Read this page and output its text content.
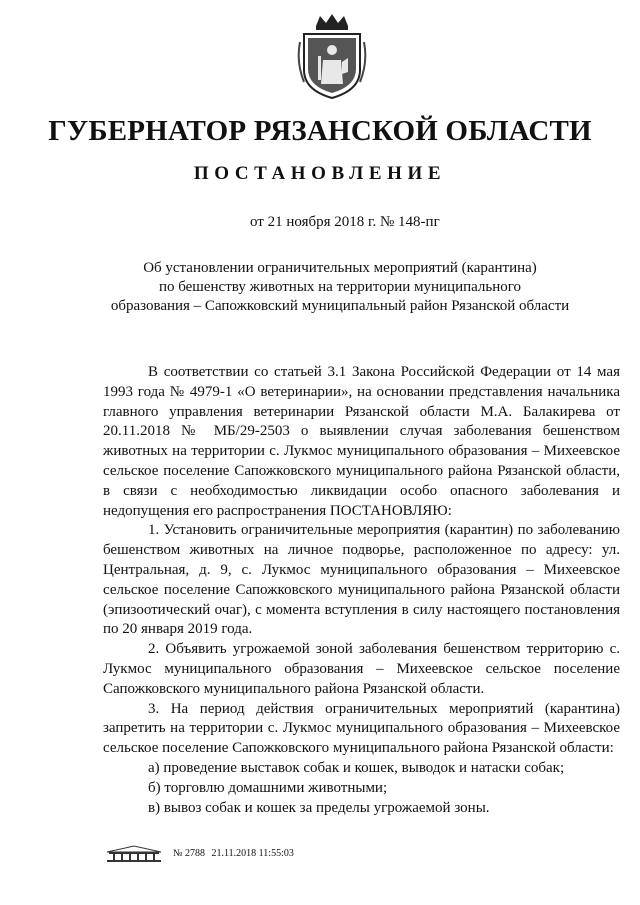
ГУБЕРНАТОР РЯЗАНСКОЙ ОБЛАСТИ
ПОСТАНОВЛЕНИЕ
от 21 ноября 2018 г. № 148-пг
Об установлении ограничительных мероприятий (карантина)
по бешенству животных на территории муниципального
образования – Сапожковский муниципальный район Рязанской области

В соответствии со статьей 3.1 Закона Российской Федерации от 14 мая 1993 года № 4979-1 «О ветеринарии», на основании представления начальника главного управления ветеринарии Рязанской области М.А. Балакирева от 20.11.2018 № МБ/29-2503 о выявлении случая заболевания бешенством животных на территории с. Лукмос муниципального образования – Михеевское сельское поселение Сапожковского муниципального района Рязанской области, в связи с необходимостью ликвидации особо опасного заболевания и недопущения его распространения ПОСТАНОВЛЯЮ:

1. Установить ограничительные мероприятия (карантин) по заболеванию бешенством животных на личное подворье, расположенное по адресу: ул. Центральная, д. 9, с. Лукмос муниципального образования – Михеевское сельское поселение Сапожковского муниципального района Рязанской области (эпизоотический очаг), с момента вступления в силу настоящего постановления по 20 января 2019 года.

2. Объявить угрожаемой зоной заболевания бешенством территорию с. Лукмос муниципального образования – Михеевское сельское поселение Сапожковского муниципального района Рязанской области.

3. На период действия ограничительных мероприятий (карантина) запретить на территории с. Лукмос муниципального образования – Михеевское сельское поселение Сапожковского муниципального района Рязанской области:

а) проведение выставок собак и кошек, выводок и натаски собак;

б) торговлю домашними животными;

в) вывоз собак и кошек за пределы угрожаемой зоны.

№ 2788 21.11.2018 11:55:03
